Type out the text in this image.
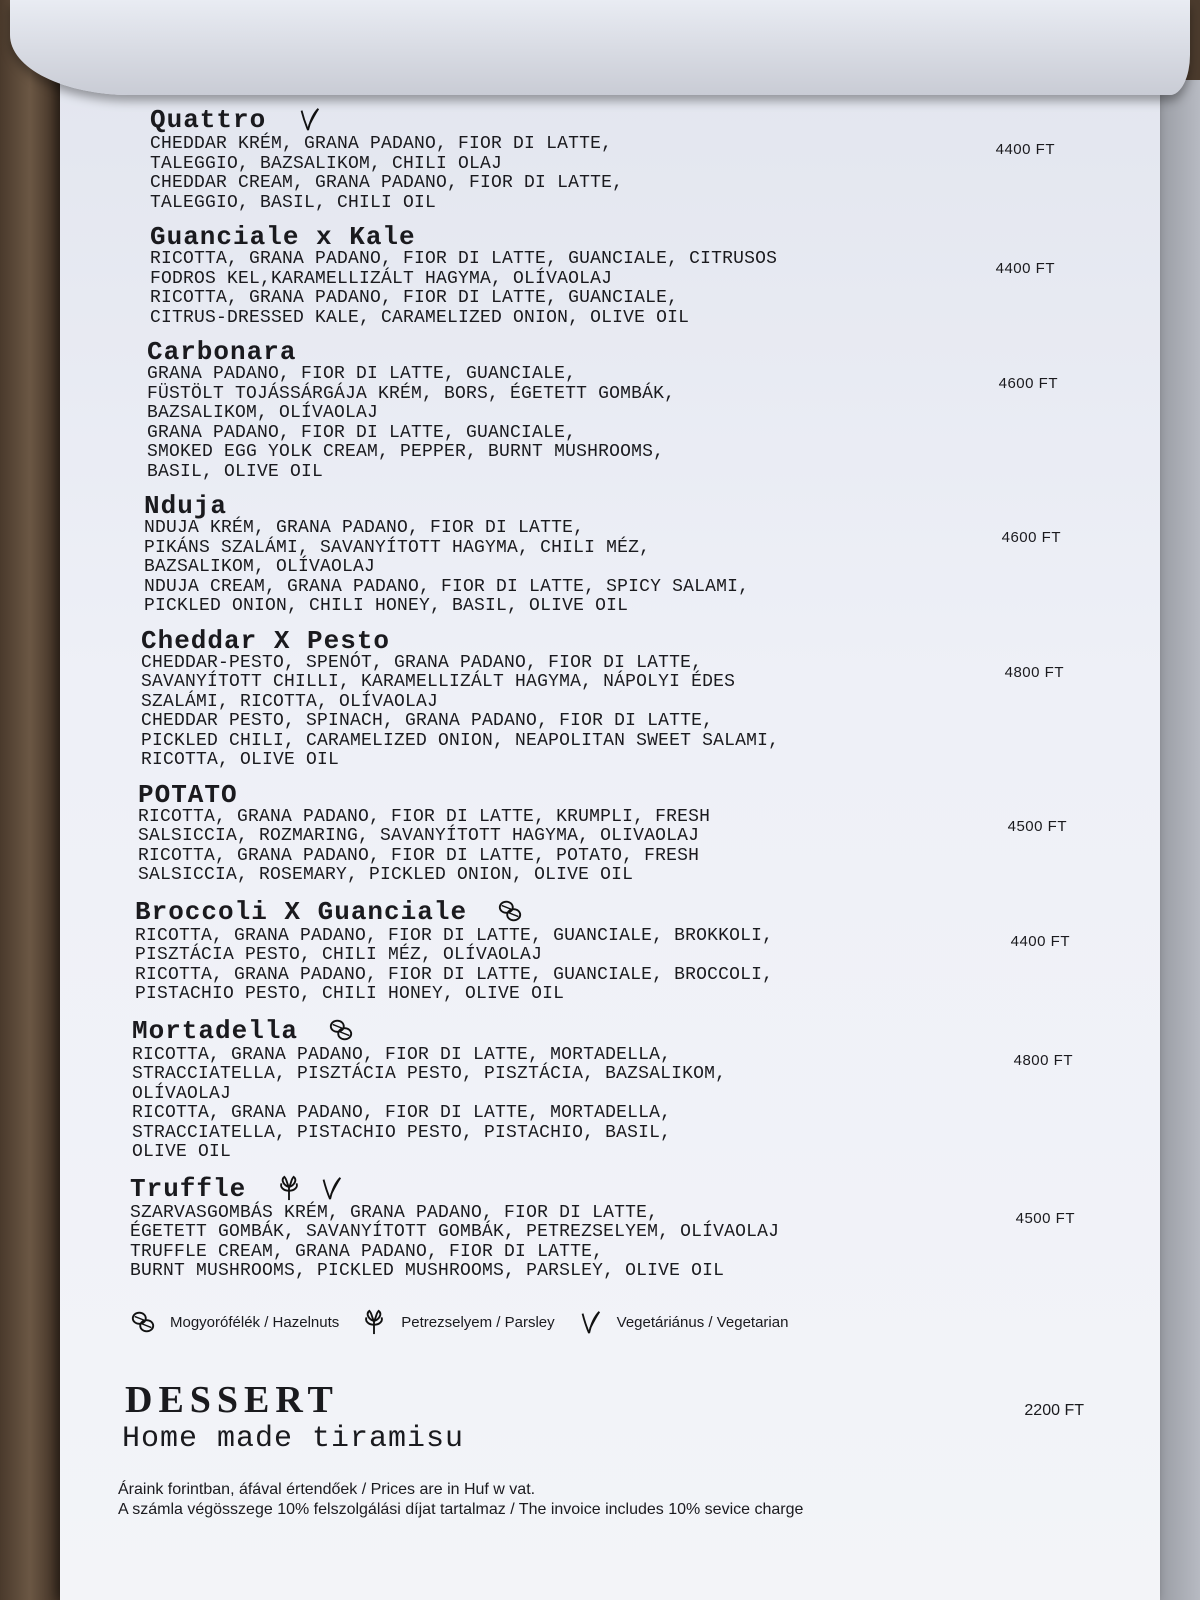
Quattro
4400 FT
CHEDDAR KRÉM, GRANA PADANO, FIOR DI LATTE,
TALEGGIO, BAZSALIKOM, CHILI OLAJ
CHEDDAR CREAM, GRANA PADANO, FIOR DI LATTE,
TALEGGIO, BASIL, CHILI OIL
Guanciale x Kale
4400 FT
RICOTTA, GRANA PADANO, FIOR DI LATTE, GUANCIALE, CITRUSOS
FODROS KEL,KARAMELLIZÁLT HAGYMA, OLÍVAOLAJ
RICOTTA, GRANA PADANO, FIOR DI LATTE, GUANCIALE,
CITRUS-DRESSED KALE, CARAMELIZED ONION, OLIVE OIL
Carbonara
4600 FT
GRANA PADANO, FIOR DI LATTE, GUANCIALE,
FÜSTÖLT TOJÁSSÁRGÁJA KRÉM, BORS, ÉGETETT GOMBÁK,
BAZSALIKOM, OLÍVAOLAJ
GRANA PADANO, FIOR DI LATTE, GUANCIALE,
SMOKED EGG YOLK CREAM, PEPPER, BURNT MUSHROOMS,
BASIL, OLIVE OIL
Nduja
4600 FT
NDUJA KRÉM, GRANA PADANO, FIOR DI LATTE,
PIKÁNS SZALÁMI, SAVANYÍTOTT HAGYMA, CHILI MÉZ,
BAZSALIKOM, OLÍVAOLAJ
NDUJA CREAM, GRANA PADANO, FIOR DI LATTE, SPICY SALAMI,
PICKLED ONION, CHILI HONEY, BASIL, OLIVE OIL
Cheddar X Pesto
4800 FT
CHEDDAR-PESTO, SPENÓT, GRANA PADANO, FIOR DI LATTE,
SAVANYÍTOTT CHILLI, KARAMELLIZÁLT HAGYMA, NÁPOLYI ÉDES
SZALÁMI, RICOTTA, OLÍVAOLAJ
CHEDDAR PESTO, SPINACH, GRANA PADANO, FIOR DI LATTE,
PICKLED CHILI, CARAMELIZED ONION, NEAPOLITAN SWEET SALAMI,
RICOTTA, OLIVE OIL
POTATO
4500 FT
RICOTTA, GRANA PADANO, FIOR DI LATTE, KRUMPLI, FRESH
SALSICCIA, ROZMARING, SAVANYÍTOTT HAGYMA, OLIVAOLAJ
RICOTTA, GRANA PADANO, FIOR DI LATTE, POTATO, FRESH
SALSICCIA, ROSEMARY, PICKLED ONION, OLIVE OIL
Broccoli X Guanciale
4400 FT
RICOTTA, GRANA PADANO, FIOR DI LATTE, GUANCIALE, BROKKOLI,
PISZTÁCIA PESTO, CHILI MÉZ, OLÍVAOLAJ
RICOTTA, GRANA PADANO, FIOR DI LATTE, GUANCIALE, BROCCOLI,
PISTACHIO PESTO, CHILI HONEY, OLIVE OIL
Mortadella
4800 FT
RICOTTA, GRANA PADANO, FIOR DI LATTE, MORTADELLA,
STRACCIATELLA, PISZTÁCIA PESTO, PISZTÁCIA, BAZSALIKOM,
OLÍVAOLAJ
RICOTTA, GRANA PADANO, FIOR DI LATTE, MORTADELLA,
STRACCIATELLA, PISTACHIO PESTO, PISTACHIO, BASIL,
OLIVE OIL
Truffle
4500 FT
SZARVASGOMBÁS KRÉM, GRANA PADANO, FIOR DI LATTE,
ÉGETETT GOMBÁK, SAVANYÍTOTT GOMBÁK, PETREZSELYEM, OLÍVAOLAJ
TRUFFLE CREAM, GRANA PADANO, FIOR DI LATTE,
BURNT MUSHROOMS, PICKLED MUSHROOMS, PARSLEY, OLIVE OIL
Mogyorófélék / Hazelnuts	Petrezselyem / Parsley	Vegetáriánus / Vegetarian
DESSERT
Home made tiramisu
2200 FT
Áraink forintban, áfával értendőek / Prices are in Huf w vat.
A számla végösszege 10% felszolgálási díjat tartalmaz / The invoice includes 10% sevice charge
